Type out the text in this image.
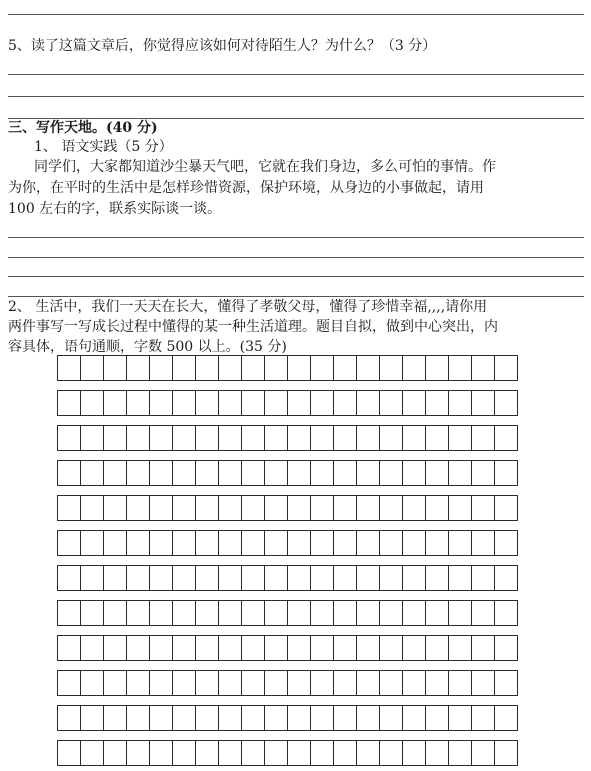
5、读了这篇文章后，你觉得应该如何对待陌生人？为什么？（3 分）
三、写作天地。(40 分)
1、 语文实践（5 分）
同学们，大家都知道沙尘暴天气吧，它就在我们身边，多么可怕的事情。作
为你，在平时的生活中是怎样珍惜资源，保护环境，从身边的小事做起，请用
100 左右的字，联系实际谈一谈。
2、 生活中，我们一天天在长大，懂得了孝敬父母，懂得了珍惜幸福,,,,请你用
两件事写一写成长过程中懂得的某一种生活道理。题目自拟，做到中心突出，内
容具体，语句通顺，字数 500 以上。(35 分)
